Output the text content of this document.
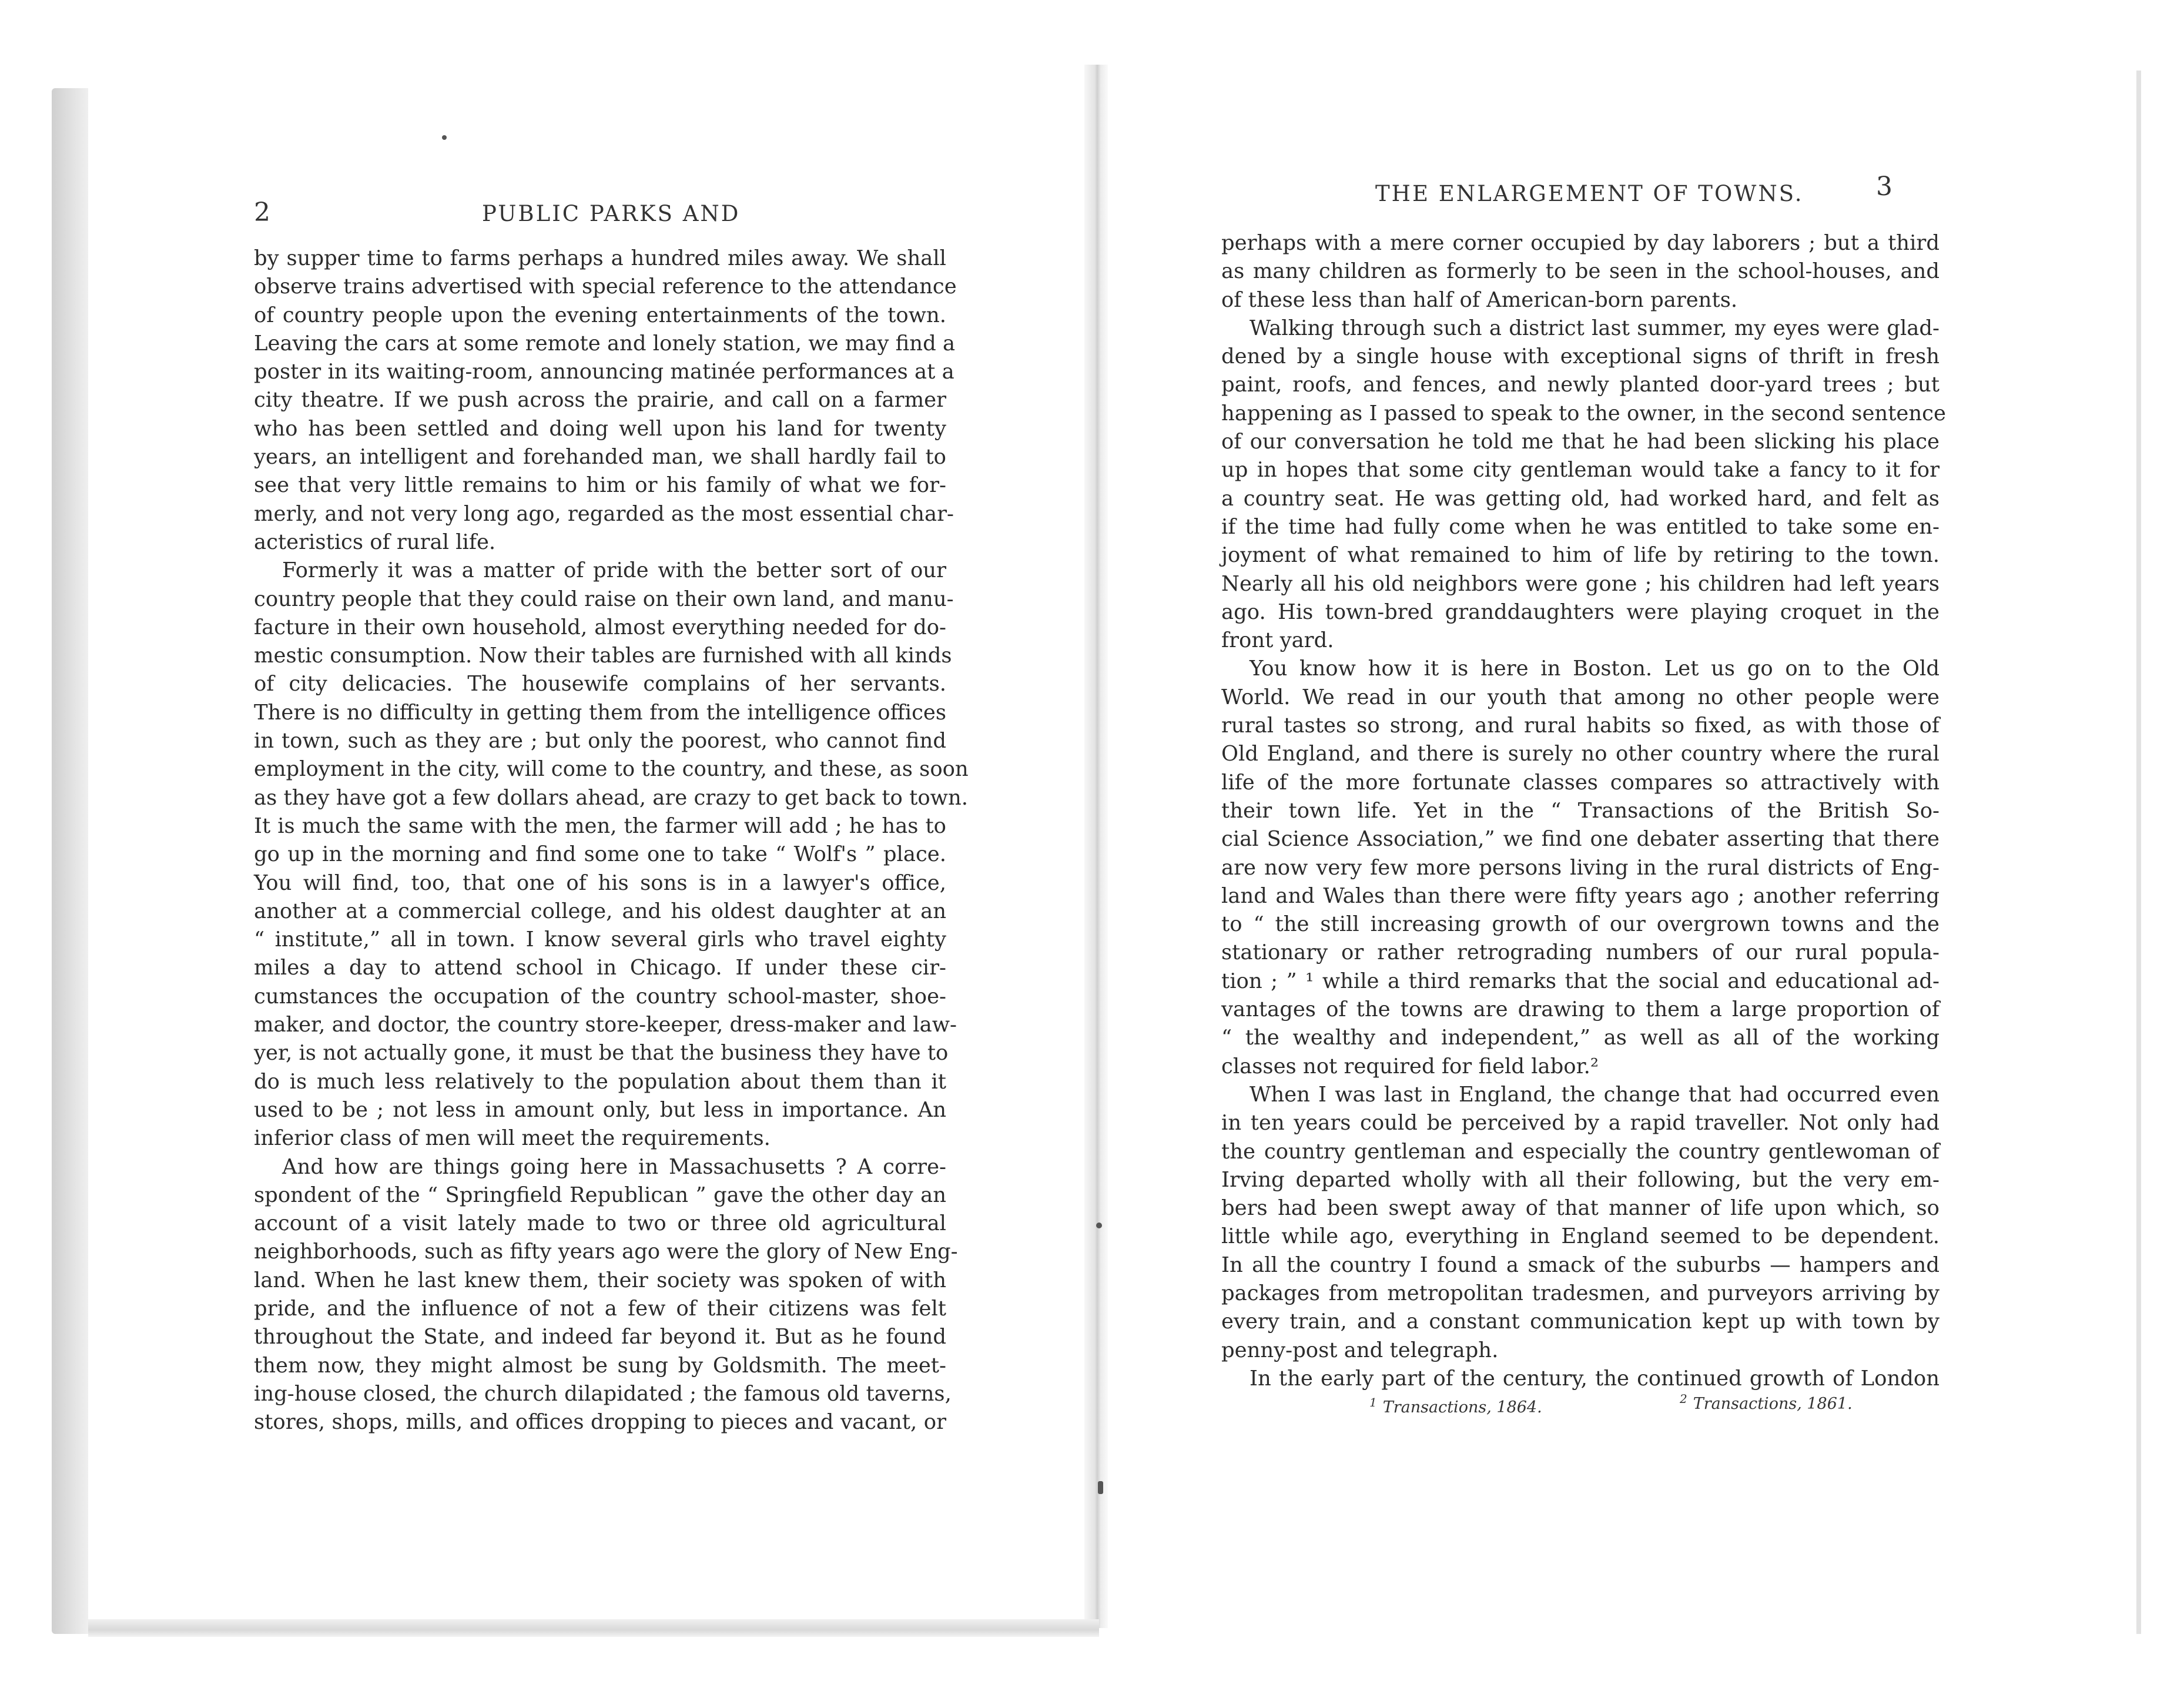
2	PUBLIC PARKS AND
by supper time to farms perhaps a hundred miles away. We shall
observe trains advertised with special reference to the attendance
of country people upon the evening entertainments of the town.
Leaving the cars at some remote and lonely station, we may find a
poster in its waiting-room, announcing matinée performances at a
city theatre. If we push across the prairie, and call on a farmer
who has been settled and doing well upon his land for twenty
years, an intelligent and forehanded man, we shall hardly fail to
see that very little remains to him or his family of what we for-
merly, and not very long ago, regarded as the most essential char-
acteristics of rural life.
Formerly it was a matter of pride with the better sort of our
country people that they could raise on their own land, and manu-
facture in their own household, almost everything needed for do-
mestic consumption. Now their tables are furnished with all kinds
of city delicacies. The housewife complains of her servants.
There is no difficulty in getting them from the intelligence offices
in town, such as they are ; but only the poorest, who cannot find
employment in the city, will come to the country, and these, as soon
as they have got a few dollars ahead, are crazy to get back to town.
It is much the same with the men, the farmer will add ; he has to
go up in the morning and find some one to take “ Wolf's ” place.
You will find, too, that one of his sons is in a lawyer's office,
another at a commercial college, and his oldest daughter at an
“ institute,” all in town. I know several girls who travel eighty
miles a day to attend school in Chicago. If under these cir-
cumstances the occupation of the country school-master, shoe-
maker, and doctor, the country store-keeper, dress-maker and law-
yer, is not actually gone, it must be that the business they have to
do is much less relatively to the population about them than it
used to be ; not less in amount only, but less in importance. An
inferior class of men will meet the requirements.
And how are things going here in Massachusetts ? A corre-
spondent of the “ Springfield Republican ” gave the other day an
account of a visit lately made to two or three old agricultural
neighborhoods, such as fifty years ago were the glory of New Eng-
land. When he last knew them, their society was spoken of with
pride, and the influence of not a few of their citizens was felt
throughout the State, and indeed far beyond it. But as he found
them now, they might almost be sung by Goldsmith. The meet-
ing-house closed, the church dilapidated ; the famous old taverns,
stores, shops, mills, and offices dropping to pieces and vacant, or
THE ENLARGEMENT OF TOWNS.	3
perhaps with a mere corner occupied by day laborers ; but a third
as many children as formerly to be seen in the school-houses, and
of these less than half of American-born parents.
Walking through such a district last summer, my eyes were glad-
dened by a single house with exceptional signs of thrift in fresh
paint, roofs, and fences, and newly planted door-yard trees ; but
happening as I passed to speak to the owner, in the second sentence
of our conversation he told me that he had been slicking his place
up in hopes that some city gentleman would take a fancy to it for
a country seat. He was getting old, had worked hard, and felt as
if the time had fully come when he was entitled to take some en-
joyment of what remained to him of life by retiring to the town.
Nearly all his old neighbors were gone ; his children had left years
ago. His town-bred granddaughters were playing croquet in the
front yard.
You know how it is here in Boston. Let us go on to the Old
World. We read in our youth that among no other people were
rural tastes so strong, and rural habits so fixed, as with those of
Old England, and there is surely no other country where the rural
life of the more fortunate classes compares so attractively with
their town life. Yet in the “ Transactions of the British So-
cial Science Association,” we find one debater asserting that there
are now very few more persons living in the rural districts of Eng-
land and Wales than there were fifty years ago ; another referring
to “ the still increasing growth of our overgrown towns and the
stationary or rather retrograding numbers of our rural popula-
tion ; ” ¹ while a third remarks that the social and educational ad-
vantages of the towns are drawing to them a large proportion of
“ the wealthy and independent,” as well as all of the working
classes not required for field labor.²
When I was last in England, the change that had occurred even
in ten years could be perceived by a rapid traveller. Not only had
the country gentleman and especially the country gentlewoman of
Irving departed wholly with all their following, but the very em-
bers had been swept away of that manner of life upon which, so
little while ago, everything in England seemed to be dependent.
In all the country I found a smack of the suburbs — hampers and
packages from metropolitan tradesmen, and purveyors arriving by
every train, and a constant communication kept up with town by
penny-post and telegraph.
In the early part of the century, the continued growth of London
$^1$ Transactions, 1864.	$^2$ Transactions, 1861.
